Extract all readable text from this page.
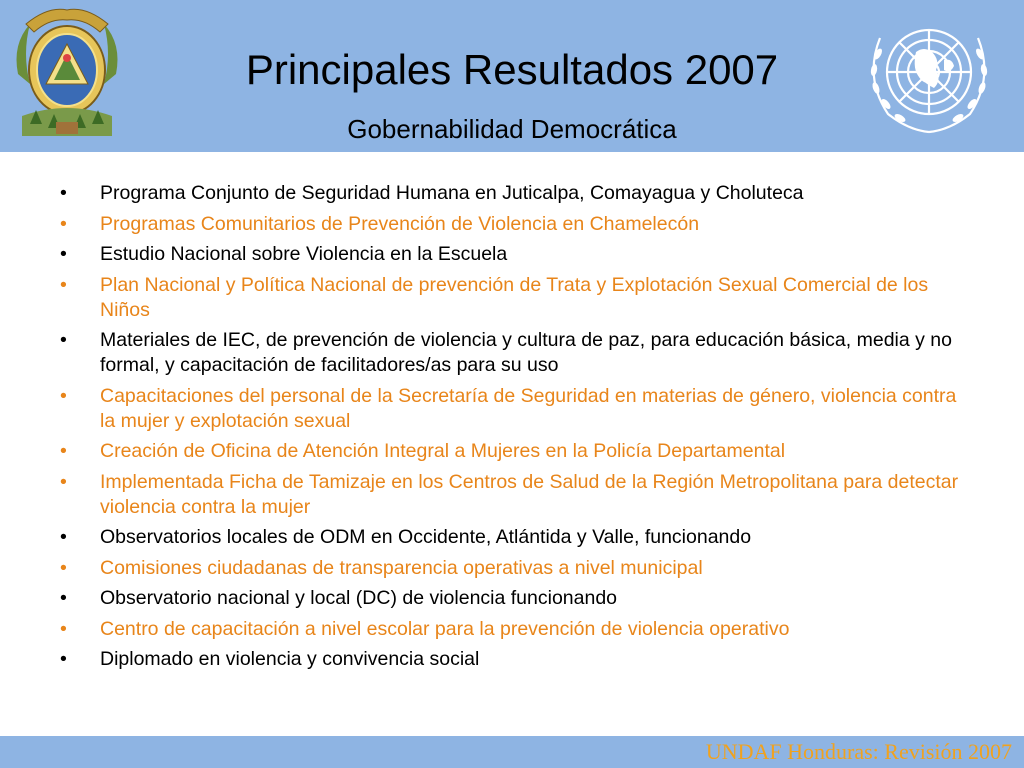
Principales Resultados 2007
Gobernabilidad Democrática
•	Programa Conjunto de Seguridad Humana en Juticalpa, Comayagua y Choluteca
•	Programas Comunitarios de Prevención de Violencia en Chamelecón
•	Estudio Nacional sobre Violencia en la Escuela
•	Plan Nacional y Política Nacional de prevención de Trata y Explotación Sexual Comercial de los Niños
•	Materiales de IEC, de prevención de violencia y cultura de paz, para educación básica, media y no formal, y capacitación de facilitadores/as para su uso
•	Capacitaciones del personal de la Secretaría de Seguridad en materias de género, violencia contra la mujer y explotación sexual
•	Creación de Oficina de Atención Integral a Mujeres en la Policía Departamental
•	Implementada Ficha de Tamizaje en los Centros de Salud de la Región Metropolitana para detectar violencia contra la mujer
•	Observatorios locales de ODM en Occidente, Atlántida y Valle, funcionando
•	Comisiones ciudadanas de transparencia operativas a nivel municipal
•	Observatorio nacional y local (DC) de violencia funcionando
•	Centro de capacitación a nivel escolar para la prevención de violencia operativo
•	Diplomado en violencia y convivencia social
UNDAF Honduras: Revisión 2007
